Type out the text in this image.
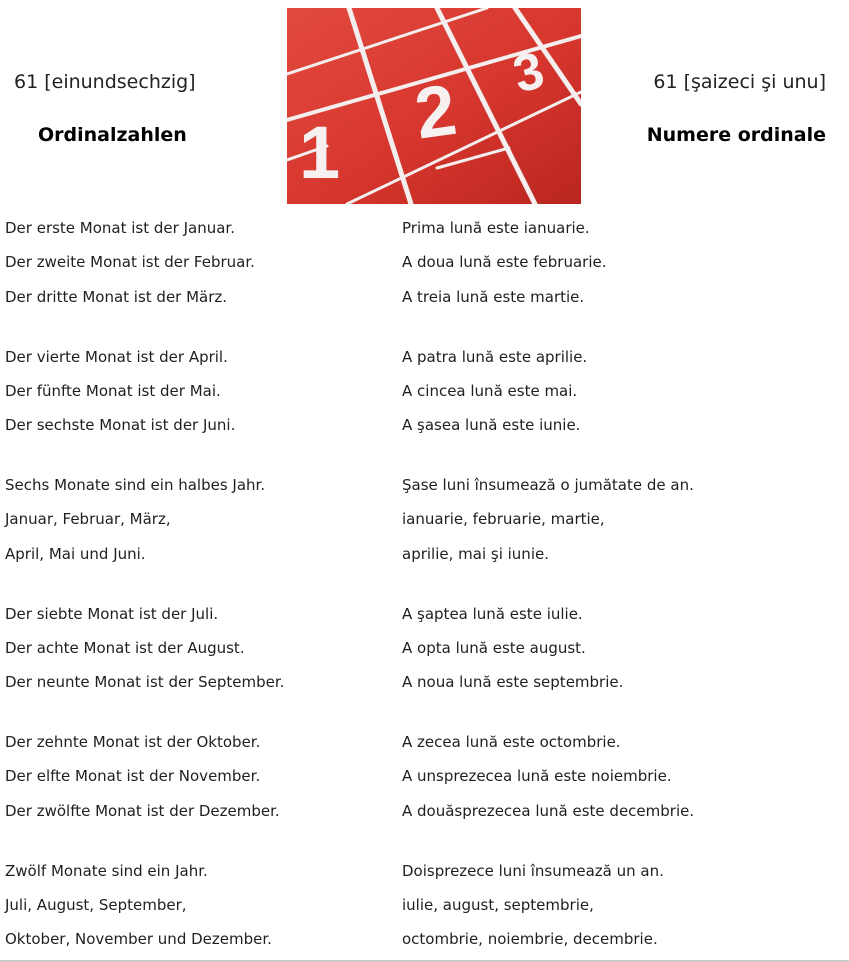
61 [einundsechzig]	61 [şaizeci şi unu]
Ordinalzahlen	Numere ordinale
1 2 3
Der erste Monat ist der Januar.	Prima lună este ianuarie.
Der zweite Monat ist der Februar.	A doua lună este februarie.
Der dritte Monat ist der März.	A treia lună este martie.
Der vierte Monat ist der April.	A patra lună este aprilie.
Der fünfte Monat ist der Mai.	A cincea lună este mai.
Der sechste Monat ist der Juni.	A şasea lună este iunie.
Sechs Monate sind ein halbes Jahr.	Şase luni însumează o jumătate de an.
Januar, Februar, März,	ianuarie, februarie, martie,
April, Mai und Juni.	aprilie, mai şi iunie.
Der siebte Monat ist der Juli.	A şaptea lună este iulie.
Der achte Monat ist der August.	A opta lună este august.
Der neunte Monat ist der September.	A noua lună este septembrie.
Der zehnte Monat ist der Oktober.	A zecea lună este octombrie.
Der elfte Monat ist der November.	A unsprezecea lună este noiembrie.
Der zwölfte Monat ist der Dezember.	A douăsprezecea lună este decembrie.
Zwölf Monate sind ein Jahr.	Doisprezece luni însumează un an.
Juli, August, September,	iulie, august, septembrie,
Oktober, November und Dezember.	octombrie, noiembrie, decembrie.
